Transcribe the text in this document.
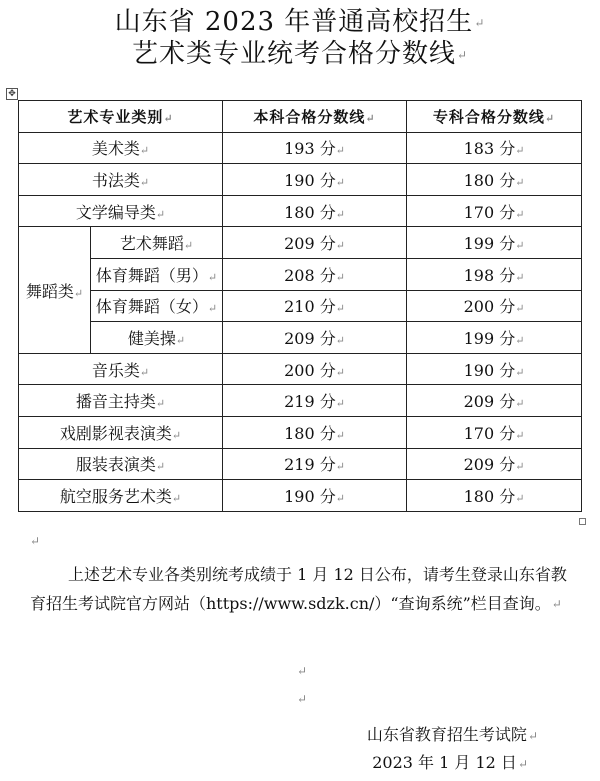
山东省 2023 年普通高校招生↵
艺术类专业统考合格分数线↵
✥
艺术专业类别↵		本科合格分数线↵	专科合格分数线↵
美术类↵		193 分↵	183 分↵
书法类↵		190 分↵	180 分↵
文学编导类↵		180 分↵	170 分↵
舞蹈类↵	艺术舞蹈↵	209 分↵	199 分↵
	体育舞蹈（男）↵	208 分↵	198 分↵
	体育舞蹈（女）↵	210 分↵	200 分↵
	健美操↵	209 分↵	199 分↵
音乐类↵		200 分↵	190 分↵
播音主持类↵		219 分↵	209 分↵
戏剧影视表演类↵		180 分↵	170 分↵
服装表演类↵		219 分↵	209 分↵
航空服务艺术类↵		190 分↵	180 分↵
↵
上述艺术专业各类别统考成绩于 1 月 12 日公布，请考生登录山东省教育招生考试院官方网站（https://www.sdzk.cn/）“查询系统”栏目查询。↵
↵
↵
山东省教育招生考试院↵
2023 年 1 月 12 日↵
